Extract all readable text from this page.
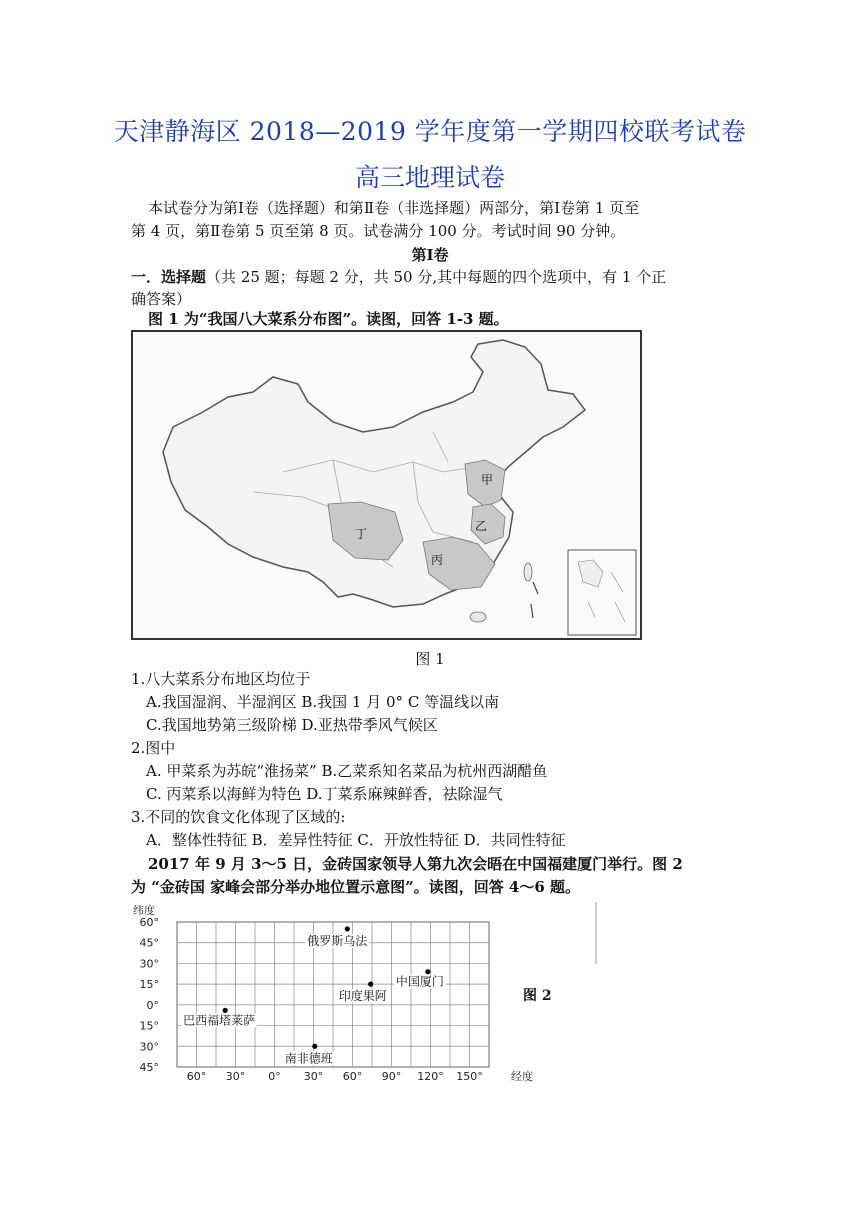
天津静海区 2018—2019 学年度第一学期四校联考试卷
高三地理试卷
本试卷分为第Ⅰ卷（选择题）和第Ⅱ卷（非选择题）两部分，第Ⅰ卷第 1 页至
第 4 页，第Ⅱ卷第 5 页至第 8 页。试卷满分 100 分。考试时间 90 分钟。
第Ⅰ卷
一．选择题（共 25 题；每题 2 分，共 50 分,其中每题的四个选项中，有 1 个正
确答案）
图 1 为“我国八大菜系分布图”。读图，回答 1-3 题。
甲
乙
丙
丁
图 1
1.八大菜系分布地区均位于
A.我国湿润、半湿润区 B.我国 1 月 0° C 等温线以南
C.我国地势第三级阶梯 D.亚热带季风气候区
2.图中
A. 甲菜系为苏皖“淮扬菜” B.乙菜系知名菜品为杭州西湖醋鱼
C. 丙菜系以海鲜为特色 D.丁菜系麻辣鲜香，祛除湿气
3.不同的饮食文化体现了区域的:
A．整体性特征 B．差异性特征 C．开放性特征 D．共同性特征
2017 年 9 月 3～5 日，金砖国家领导人第九次会晤在中国福建厦门举行。图 2
为 “金砖国 家峰会部分举办地位置示意图”。读图，回答 4～6 题。
60°
45°
30°
15°
0°
15°
30°
45°
60° 30° 0° 30° 60° 90° 120° 150°
纬度
经度
俄罗斯乌法
中国厦门
印度果阿
巴西福塔莱萨
南非德班
图 2
